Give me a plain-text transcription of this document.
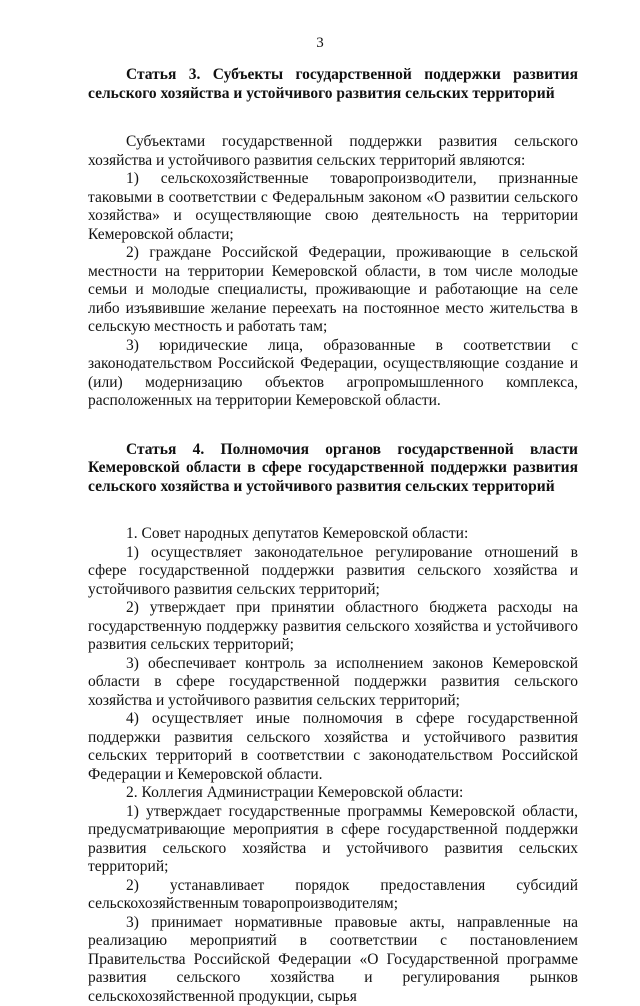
3

Статья 3. Субъекты государственной поддержки развития сельского хозяйства и устойчивого развития сельских территорий

Субъектами государственной поддержки развития сельского хозяйства и устойчивого развития сельских территорий являются:

1) сельскохозяйственные товаропроизводители, признанные таковыми в соответствии с Федеральным законом «О развитии сельского хозяйства» и осуществляющие свою деятельность на территории Кемеровской области;

2) граждане Российской Федерации, проживающие в сельской местности на территории Кемеровской области, в том числе молодые семьи и молодые специалисты, проживающие и работающие на селе либо изъявившие желание переехать на постоянное место жительства в сельскую местность и работать там;

3) юридические лица, образованные в соответствии с законодательством Российской Федерации, осуществляющие создание и (или) модернизацию объектов агропромышленного комплекса, расположенных на территории Кемеровской области.

Статья 4. Полномочия органов государственной власти Кемеровской области в сфере государственной поддержки развития сельского хозяйства и устойчивого развития сельских территорий

1. Совет народных депутатов Кемеровской области:

1) осуществляет законодательное регулирование отношений в сфере государственной поддержки развития сельского хозяйства и устойчивого развития сельских территорий;

2) утверждает при принятии областного бюджета расходы на государственную поддержку развития сельского хозяйства и устойчивого развития сельских территорий;

3) обеспечивает контроль за исполнением законов Кемеровской области в сфере государственной поддержки развития сельского хозяйства и устойчивого развития сельских территорий;

4) осуществляет иные полномочия в сфере государственной поддержки развития сельского хозяйства и устойчивого развития сельских территорий в соответствии с законодательством Российской Федерации и Кемеровской области.

2. Коллегия Администрации Кемеровской области:

1) утверждает государственные программы Кемеровской области, предусматривающие мероприятия в сфере государственной поддержки развития сельского хозяйства и устойчивого развития сельских территорий;

2) устанавливает порядок предоставления субсидий сельскохозяйственным товаропроизводителям;

3) принимает нормативные правовые акты, направленные на реализацию мероприятий в соответствии с постановлением Правительства Российской Федерации «О Государственной программе развития сельского хозяйства и регулирования рынков сельскохозяйственной продукции, сырья
